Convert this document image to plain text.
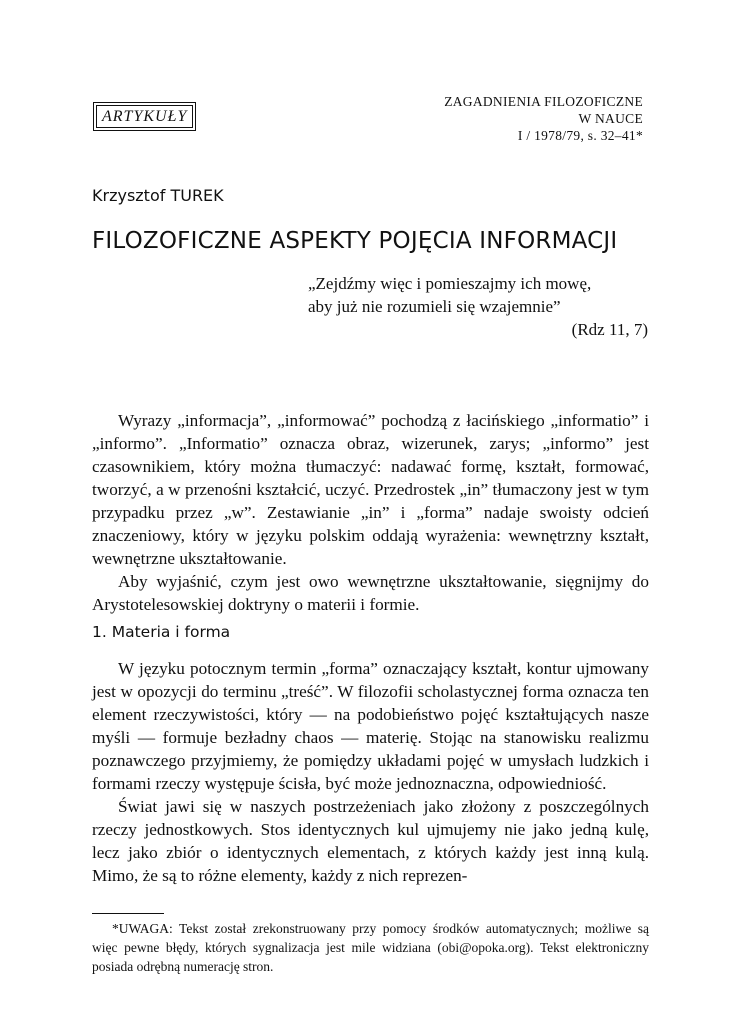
ARTYKUŁY
ZAGADNIENIA FILOZOFICZNE
W NAUCE
I / 1978/79, s. 32–41*
Krzysztof TUREK
FILOZOFICZNE ASPEKTY POJĘCIA INFORMACJI
„Zejdźmy więc i pomieszajmy ich mowę,
aby już nie rozumieli się wzajemnie”
(Rdz 11, 7)

Wyrazy „informacja”, „informować” pochodzą z łacińskiego „informatio” i „informo”. „Informatio” oznacza obraz, wizerunek, zarys; „informo” jest czasownikiem, który można tłumaczyć: nadawać formę, kształt, formować, tworzyć, a w przenośni kształcić, uczyć. Przedrostek „in” tłumaczony jest w tym przypadku przez „w”. Zestawianie „in” i „forma” nadaje swoisty odcień znaczeniowy, który w języku polskim oddają wyrażenia: wewnętrzny kształt, wewnętrzne ukształtowanie.

Aby wyjaśnić, czym jest owo wewnętrzne ukształtowanie, sięgnijmy do Arystotelesowskiej doktryny o materii i formie.

1. Materia i forma

W języku potocznym termin „forma” oznaczający kształt, kontur ujmowany jest w opozycji do terminu „treść”. W filozofii scholastycznej forma oznacza ten element rzeczywistości, który — na podobieństwo pojęć kształtujących nasze myśli — formuje bezładny chaos — materię. Stojąc na stanowisku realizmu poznawczego przyjmiemy, że pomiędzy układami pojęć w umysłach ludzkich i formami rzeczy występuje ścisła, być może jednoznaczna, odpowiedniość.

Świat jawi się w naszych postrzeżeniach jako złożony z poszczególnych rzeczy jednostkowych. Stos identycznych kul ujmujemy nie jako jedną kulę, lecz jako zbiór o identycznych elementach, z których każdy jest inną kulą. Mimo, że są to różne elementy, każdy z nich reprezen-

*UWAGA: Tekst został zrekonstruowany przy pomocy środków automatycznych; możliwe są więc pewne błędy, których sygnalizacja jest mile widziana (obi@opoka.org). Tekst elektroniczny posiada odrębną numerację stron.
